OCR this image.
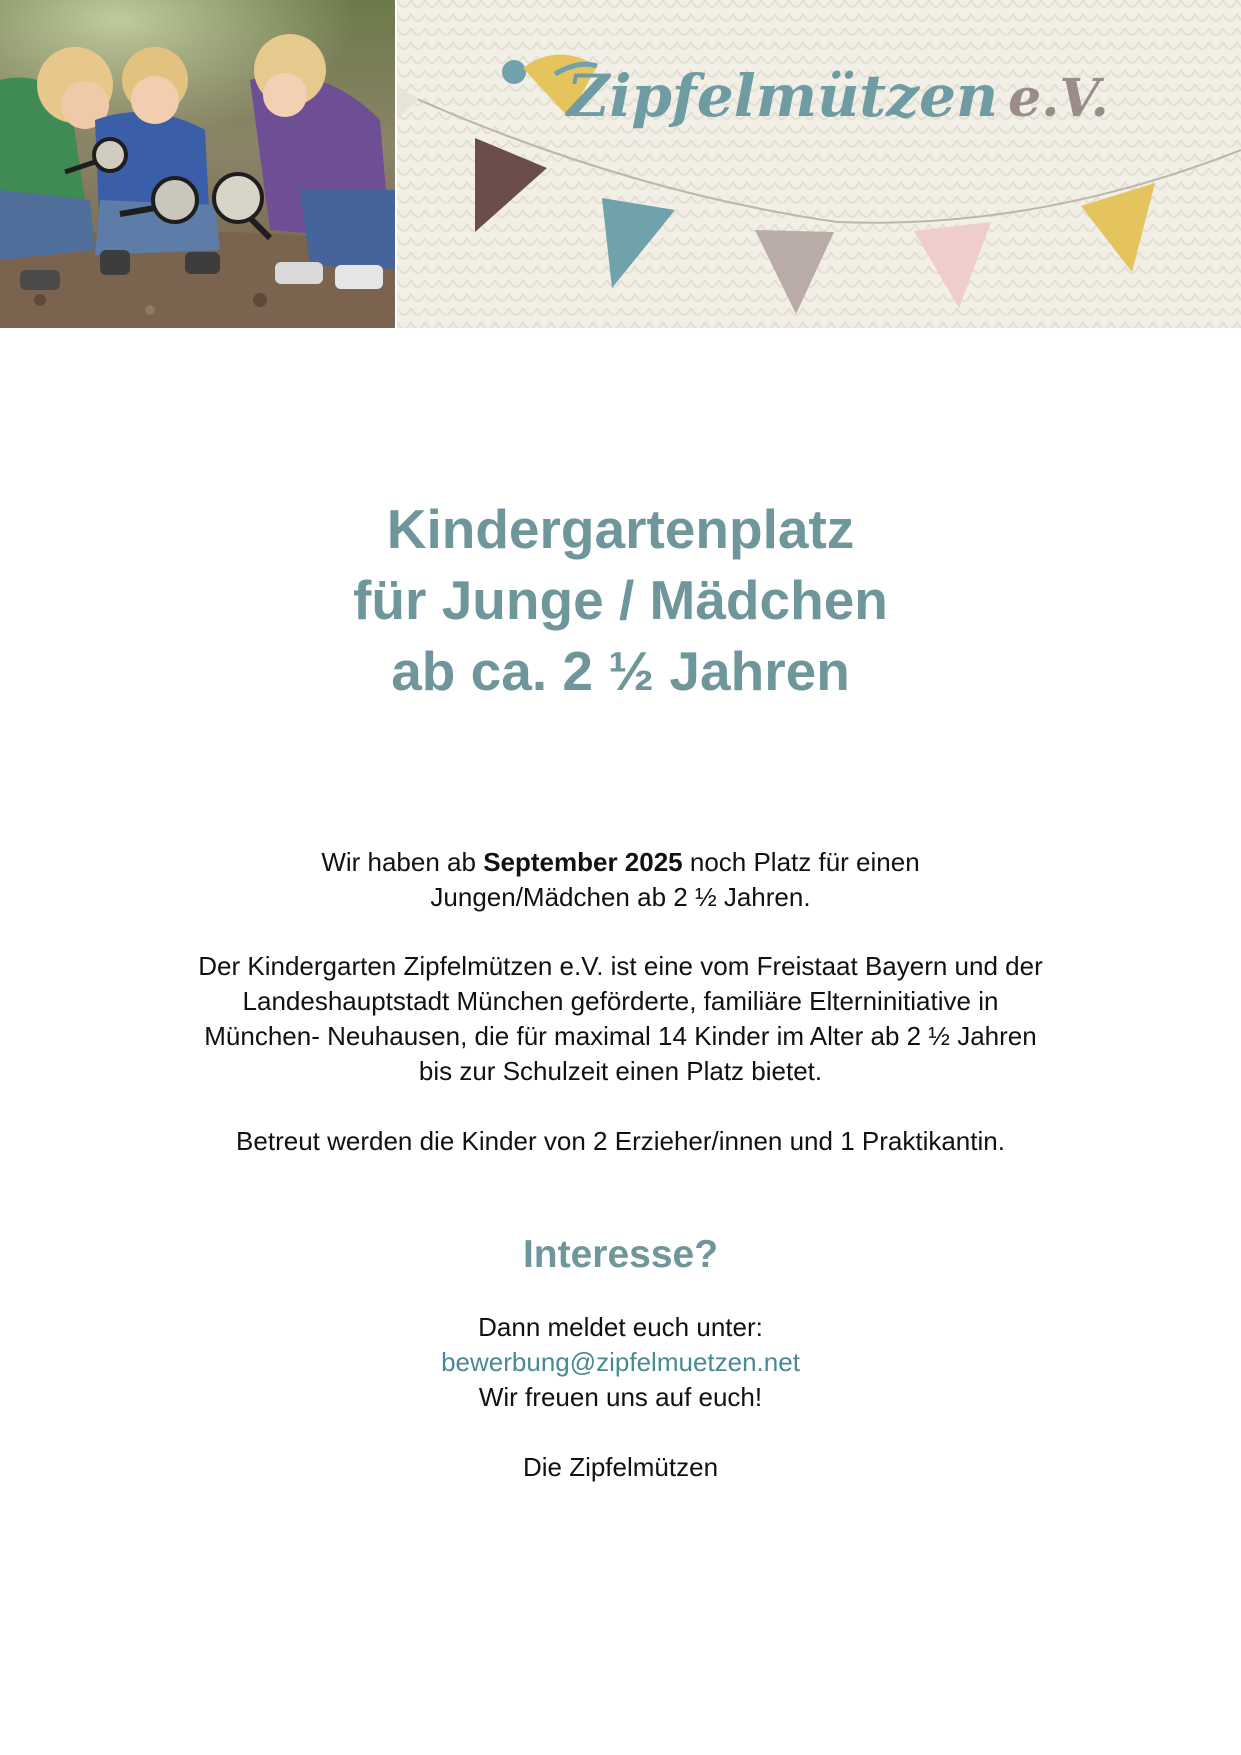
Zipfelmützen e.V.
Kindergartenplatz
für Junge / Mädchen
ab ca. 2 ½ Jahren
Wir haben ab September 2025 noch Platz für einen
Jungen/Mädchen ab 2 ½ Jahren.
Der Kindergarten Zipfelmützen e.V. ist eine vom Freistaat Bayern und der
Landeshauptstadt München geförderte, familiäre Elterninitiative in
München- Neuhausen, die für maximal 14 Kinder im Alter ab 2 ½ Jahren
bis zur Schulzeit einen Platz bietet.
Betreut werden die Kinder von 2 Erzieher/innen und 1 Praktikantin.
Interesse?
Dann meldet euch unter:
bewerbung@zipfelmuetzen.net
Wir freuen uns auf euch!
Die Zipfelmützen
